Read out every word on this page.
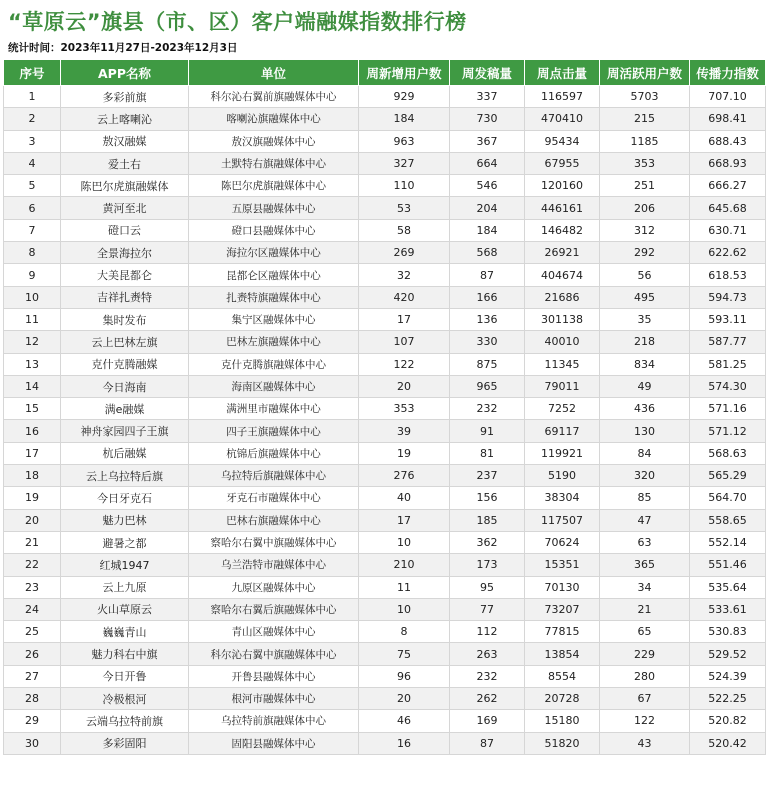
“草原云”旗县（市、区）客户端融媒指数排行榜
统计时间：2023年11月27日-2023年12月3日
序号	APP名称	单位	周新增用户数	周发稿量	周点击量	周活跃用户数	传播力指数
1	多彩前旗	科尔沁右翼前旗融媒体中心	929	337	116597	5703	707.10
2	云上喀喇沁	喀喇沁旗融媒体中心	184	730	470410	215	698.41
3	敖汉融媒	敖汉旗融媒体中心	963	367	95434	1185	688.43
4	爱土右	土默特右旗融媒体中心	327	664	67955	353	668.93
5	陈巴尔虎旗融媒体	陈巴尔虎旗融媒体中心	110	546	120160	251	666.27
6	黄河至北	五原县融媒体中心	53	204	446161	206	645.68
7	磴口云	磴口县融媒体中心	58	184	146482	312	630.71
8	全景海拉尔	海拉尔区融媒体中心	269	568	26921	292	622.62
9	大美昆都仑	昆都仑区融媒体中心	32	87	404674	56	618.53
10	吉祥扎赉特	扎赉特旗融媒体中心	420	166	21686	495	594.73
11	集时发布	集宁区融媒体中心	17	136	301138	35	593.11
12	云上巴林左旗	巴林左旗融媒体中心	107	330	40010	218	587.77
13	克什克腾融媒	克什克腾旗融媒体中心	122	875	11345	834	581.25
14	今日海南	海南区融媒体中心	20	965	79011	49	574.30
15	满e融媒	满洲里市融媒体中心	353	232	7252	436	571.16
16	神舟家园四子王旗	四子王旗融媒体中心	39	91	69117	130	571.12
17	杭后融媒	杭锦后旗融媒体中心	19	81	119921	84	568.63
18	云上乌拉特后旗	乌拉特后旗融媒体中心	276	237	5190	320	565.29
19	今日牙克石	牙克石市融媒体中心	40	156	38304	85	564.70
20	魅力巴林	巴林右旗融媒体中心	17	185	117507	47	558.65
21	避暑之都	察哈尔右翼中旗融媒体中心	10	362	70624	63	552.14
22	红城1947	乌兰浩特市融媒体中心	210	173	15351	365	551.46
23	云上九原	九原区融媒体中心	11	95	70130	34	535.64
24	火山草原云	察哈尔右翼后旗融媒体中心	10	77	73207	21	533.61
25	巍巍青山	青山区融媒体中心	8	112	77815	65	530.83
26	魅力科右中旗	科尔沁右翼中旗融媒体中心	75	263	13854	229	529.52
27	今日开鲁	开鲁县融媒体中心	96	232	8554	280	524.39
28	冷极根河	根河市融媒体中心	20	262	20728	67	522.25
29	云端乌拉特前旗	乌拉特前旗融媒体中心	46	169	15180	122	520.82
30	多彩固阳	固阳县融媒体中心	16	87	51820	43	520.42
